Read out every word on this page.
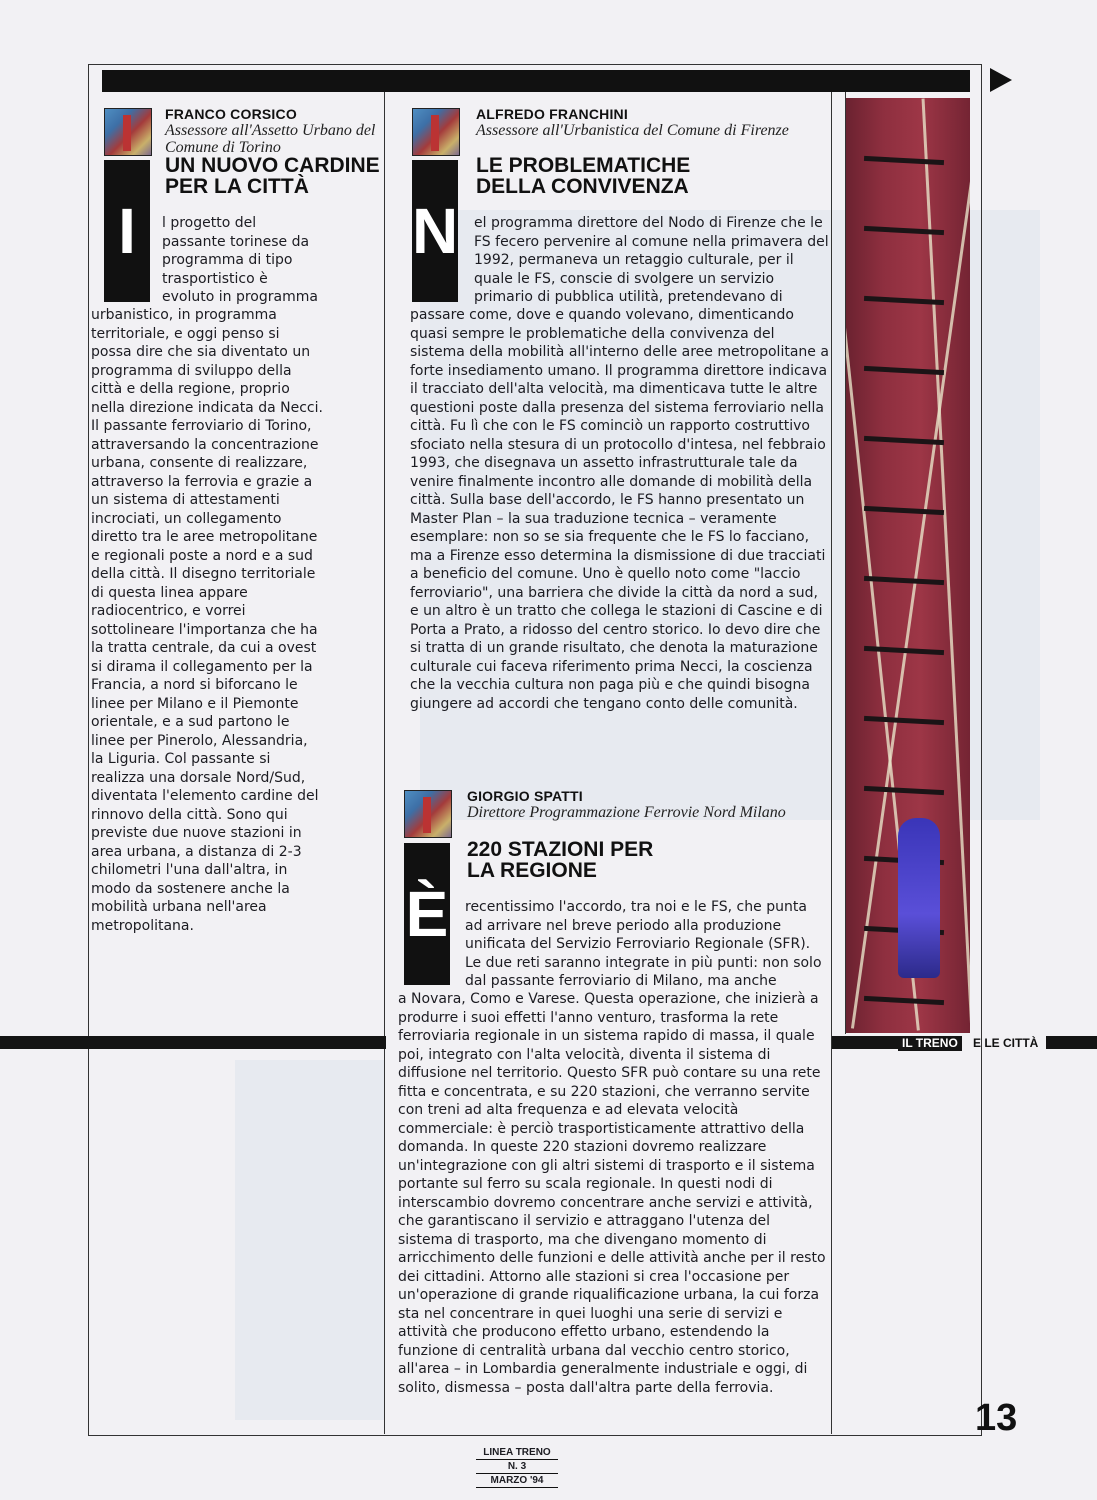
I
FRANCO CORSICO
Assessore all'Assetto Urbano del Comune di Torino
UN NUOVO CARDINE PER LA CITTÀ
l progetto del passante torinese da programma di tipo trasportistico è evoluto in programma
urbanistico, in programma territoriale, e oggi penso si possa dire che sia diventato un programma di sviluppo della città e della regione, proprio nella direzione indicata da Necci. Il passante ferroviario di Torino, attraversando la concentrazione urbana, consente di realizzare, attraverso la ferrovia e grazie a un sistema di attestamenti incrociati, un collegamento diretto tra le aree metropolitane e regionali poste a nord e a sud della città. Il disegno territoriale di questa linea appare radiocentrico, e vorrei sottolineare l'importanza che ha la tratta centrale, da cui a ovest si dirama il collegamento per la Francia, a nord si biforcano le linee per Milano e il Piemonte orientale, e a sud partono le linee per Pinerolo, Alessandria, la Liguria. Col passante si realizza una dorsale Nord/Sud, diventata l'elemento cardine del rinnovo della città. Sono qui previste due nuove stazioni in area urbana, a distanza di 2-3 chilometri l'una dall'altra, in modo da sostenere anche la mobilità urbana nell'area metropolitana.
N
ALFREDO FRANCHINI
Assessore all'Urbanistica del Comune di Firenze
LE PROBLEMATICHE DELLA CONVIVENZA
el programma direttore del Nodo di Firenze che le FS fecero pervenire al comune nella primavera del 1992, permaneva un retaggio culturale, per il quale le FS, conscie di svolgere un servizio primario di pubblica utilità, pretendevano di
passare come, dove e quando volevano, dimenticando quasi sempre le problematiche della convivenza del sistema della mobilità all'interno delle aree metropolitane a forte insediamento umano. Il programma direttore indicava il tracciato dell'alta velocità, ma dimenticava tutte le altre questioni poste dalla presenza del sistema ferroviario nella città. Fu lì che con le FS cominciò un rapporto costruttivo sfociato nella stesura di un protocollo d'intesa, nel febbraio 1993, che disegnava un assetto infrastrutturale tale da venire finalmente incontro alle domande di mobilità della città. Sulla base dell'accordo, le FS hanno presentato un Master Plan – la sua traduzione tecnica – veramente esemplare: non so se sia frequente che le FS lo facciano, ma a Firenze esso determina la dismissione di due tracciati a beneficio del comune. Uno è quello noto come "laccio ferroviario", una barriera che divide la città da nord a sud, e un altro è un tratto che collega le stazioni di Cascine e di Porta a Prato, a ridosso del centro storico. Io devo dire che si tratta di un grande risultato, che denota la maturazione culturale cui faceva riferimento prima Necci, la coscienza che la vecchia cultura non paga più e che quindi bisogna giungere ad accordi che tengano conto delle comunità.
È
GIORGIO SPATTI
Direttore Programmazione Ferrovie Nord Milano
220 STAZIONI PER LA REGIONE
recentissimo l'accordo, tra noi e le FS, che punta ad arrivare nel breve periodo alla produzione unificata del Servizio Ferroviario Regionale (SFR). Le due reti saranno integrate in più punti: non solo dal passante ferroviario di Milano, ma anche
a Novara, Como e Varese. Questa operazione, che inizierà a produrre i suoi effetti l'anno venturo, trasforma la rete ferroviaria regionale in un sistema rapido di massa, il quale poi, integrato con l'alta velocità, diventa il sistema di diffusione nel territorio. Questo SFR può contare su una rete fitta e concentrata, e su 220 stazioni, che verranno servite con treni ad alta frequenza e ad elevata velocità commerciale: è perciò trasportisticamente attrattivo della domanda. In queste 220 stazioni dovremo realizzare un'integrazione con gli altri sistemi di trasporto e il sistema portante sul ferro su scala regionale. In questi nodi di interscambio dovremo concentrare anche servizi e attività, che garantiscano il servizio e attraggano l'utenza del sistema di trasporto, ma che divengano momento di arricchimento delle funzioni e delle attività anche per il resto dei cittadini. Attorno alle stazioni si crea l'occasione per un'operazione di grande riqualificazione urbana, la cui forza sta nel concentrare in quei luoghi una serie di servizi e attività che producono effetto urbano, estendendo la funzione di centralità urbana dal vecchio centro storico, all'area – in Lombardia generalmente industriale e oggi, di solito, dismessa – posta dall'altra parte della ferrovia.
IL TRENO	E LE CITTÀ
13
LINEA TRENO
N. 3
MARZO '94
